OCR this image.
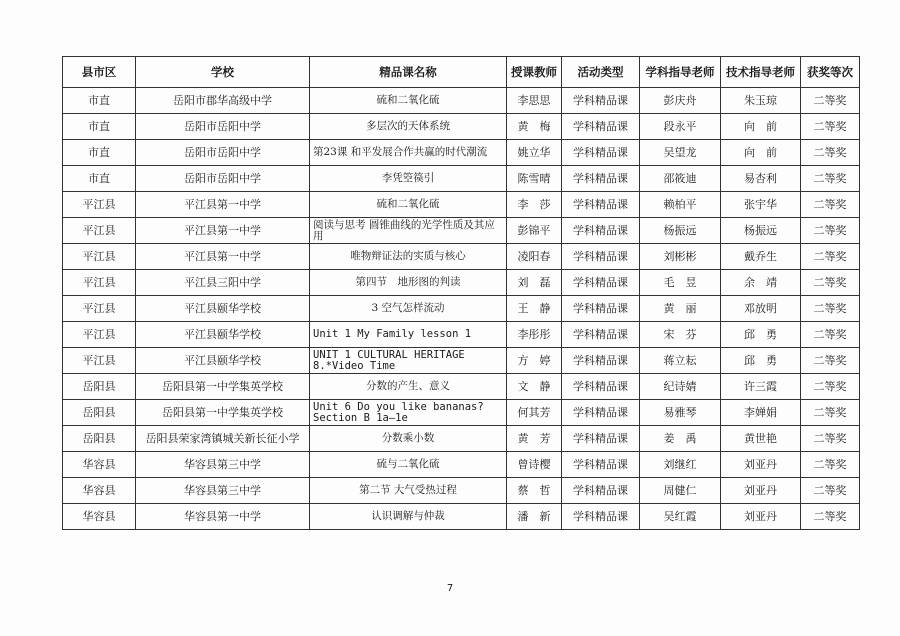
县市区	学校	精品课名称	授课教师	活动类型	学科指导老师	技术指导老师	获奖等次
市直	岳阳市郡华高级中学	硫和二氧化硫	李思思	学科精品课	彭庆舟	朱玉琼	二等奖
市直	岳阳市岳阳中学	多层次的天体系统	黄　梅	学科精品课	段永平	向　前	二等奖
市直	岳阳市岳阳中学	第23课 和平发展合作共赢的时代潮流	姚立华	学科精品课	吴望龙	向　前	二等奖
市直	岳阳市岳阳中学	李凭箜篌引	陈雪晴	学科精品课	邵筱迪	易杏利	二等奖
平江县	平江县第一中学	硫和二氧化硫	李　莎	学科精品课	赖柏平	张宇华	二等奖
平江县	平江县第一中学	阅读与思考 圆锥曲线的光学性质及其应用	彭锦平	学科精品课	杨振远	杨振远	二等奖
平江县	平江县第一中学	唯物辩证法的实质与核心	凌阳春	学科精品课	刘彬彬	戴乔生	二等奖
平江县	平江县三阳中学	第四节　地形图的判读	刘　磊	学科精品课	毛　昱	余　靖	二等奖
平江县	平江县颐华学校	3 空气怎样流动	王　静	学科精品课	黄　丽	邓放明	二等奖
平江县	平江县颐华学校	Unit 1 My Family lesson 1	李彤彤	学科精品课	宋　芬	邱　勇	二等奖
平江县	平江县颐华学校	UNIT 1 CULTURAL HERITAGE 8.*Video Time	方　婷	学科精品课	蒋立耘	邱　勇	二等奖
岳阳县	岳阳县第一中学集英学校	分数的产生、意义	文　静	学科精品课	纪诗婧	许三霞	二等奖
岳阳县	岳阳县第一中学集英学校	Unit 6 Do you like bananas? Section B 1a—1e	何其芳	学科精品课	易雅琴	李婵娟	二等奖
岳阳县	岳阳县荣家湾镇城关新长征小学	分数乘小数	黄　芳	学科精品课	姜　禹	黄世艳	二等奖
华容县	华容县第三中学	硫与二氧化硫	曾诗樱	学科精品课	刘继红	刘亚丹	二等奖
华容县	华容县第三中学	第二节 大气受热过程	蔡　哲	学科精品课	周健仁	刘亚丹	二等奖
华容县	华容县第一中学	认识调解与仲裁	潘　新	学科精品课	吴红霞	刘亚丹	二等奖
7
